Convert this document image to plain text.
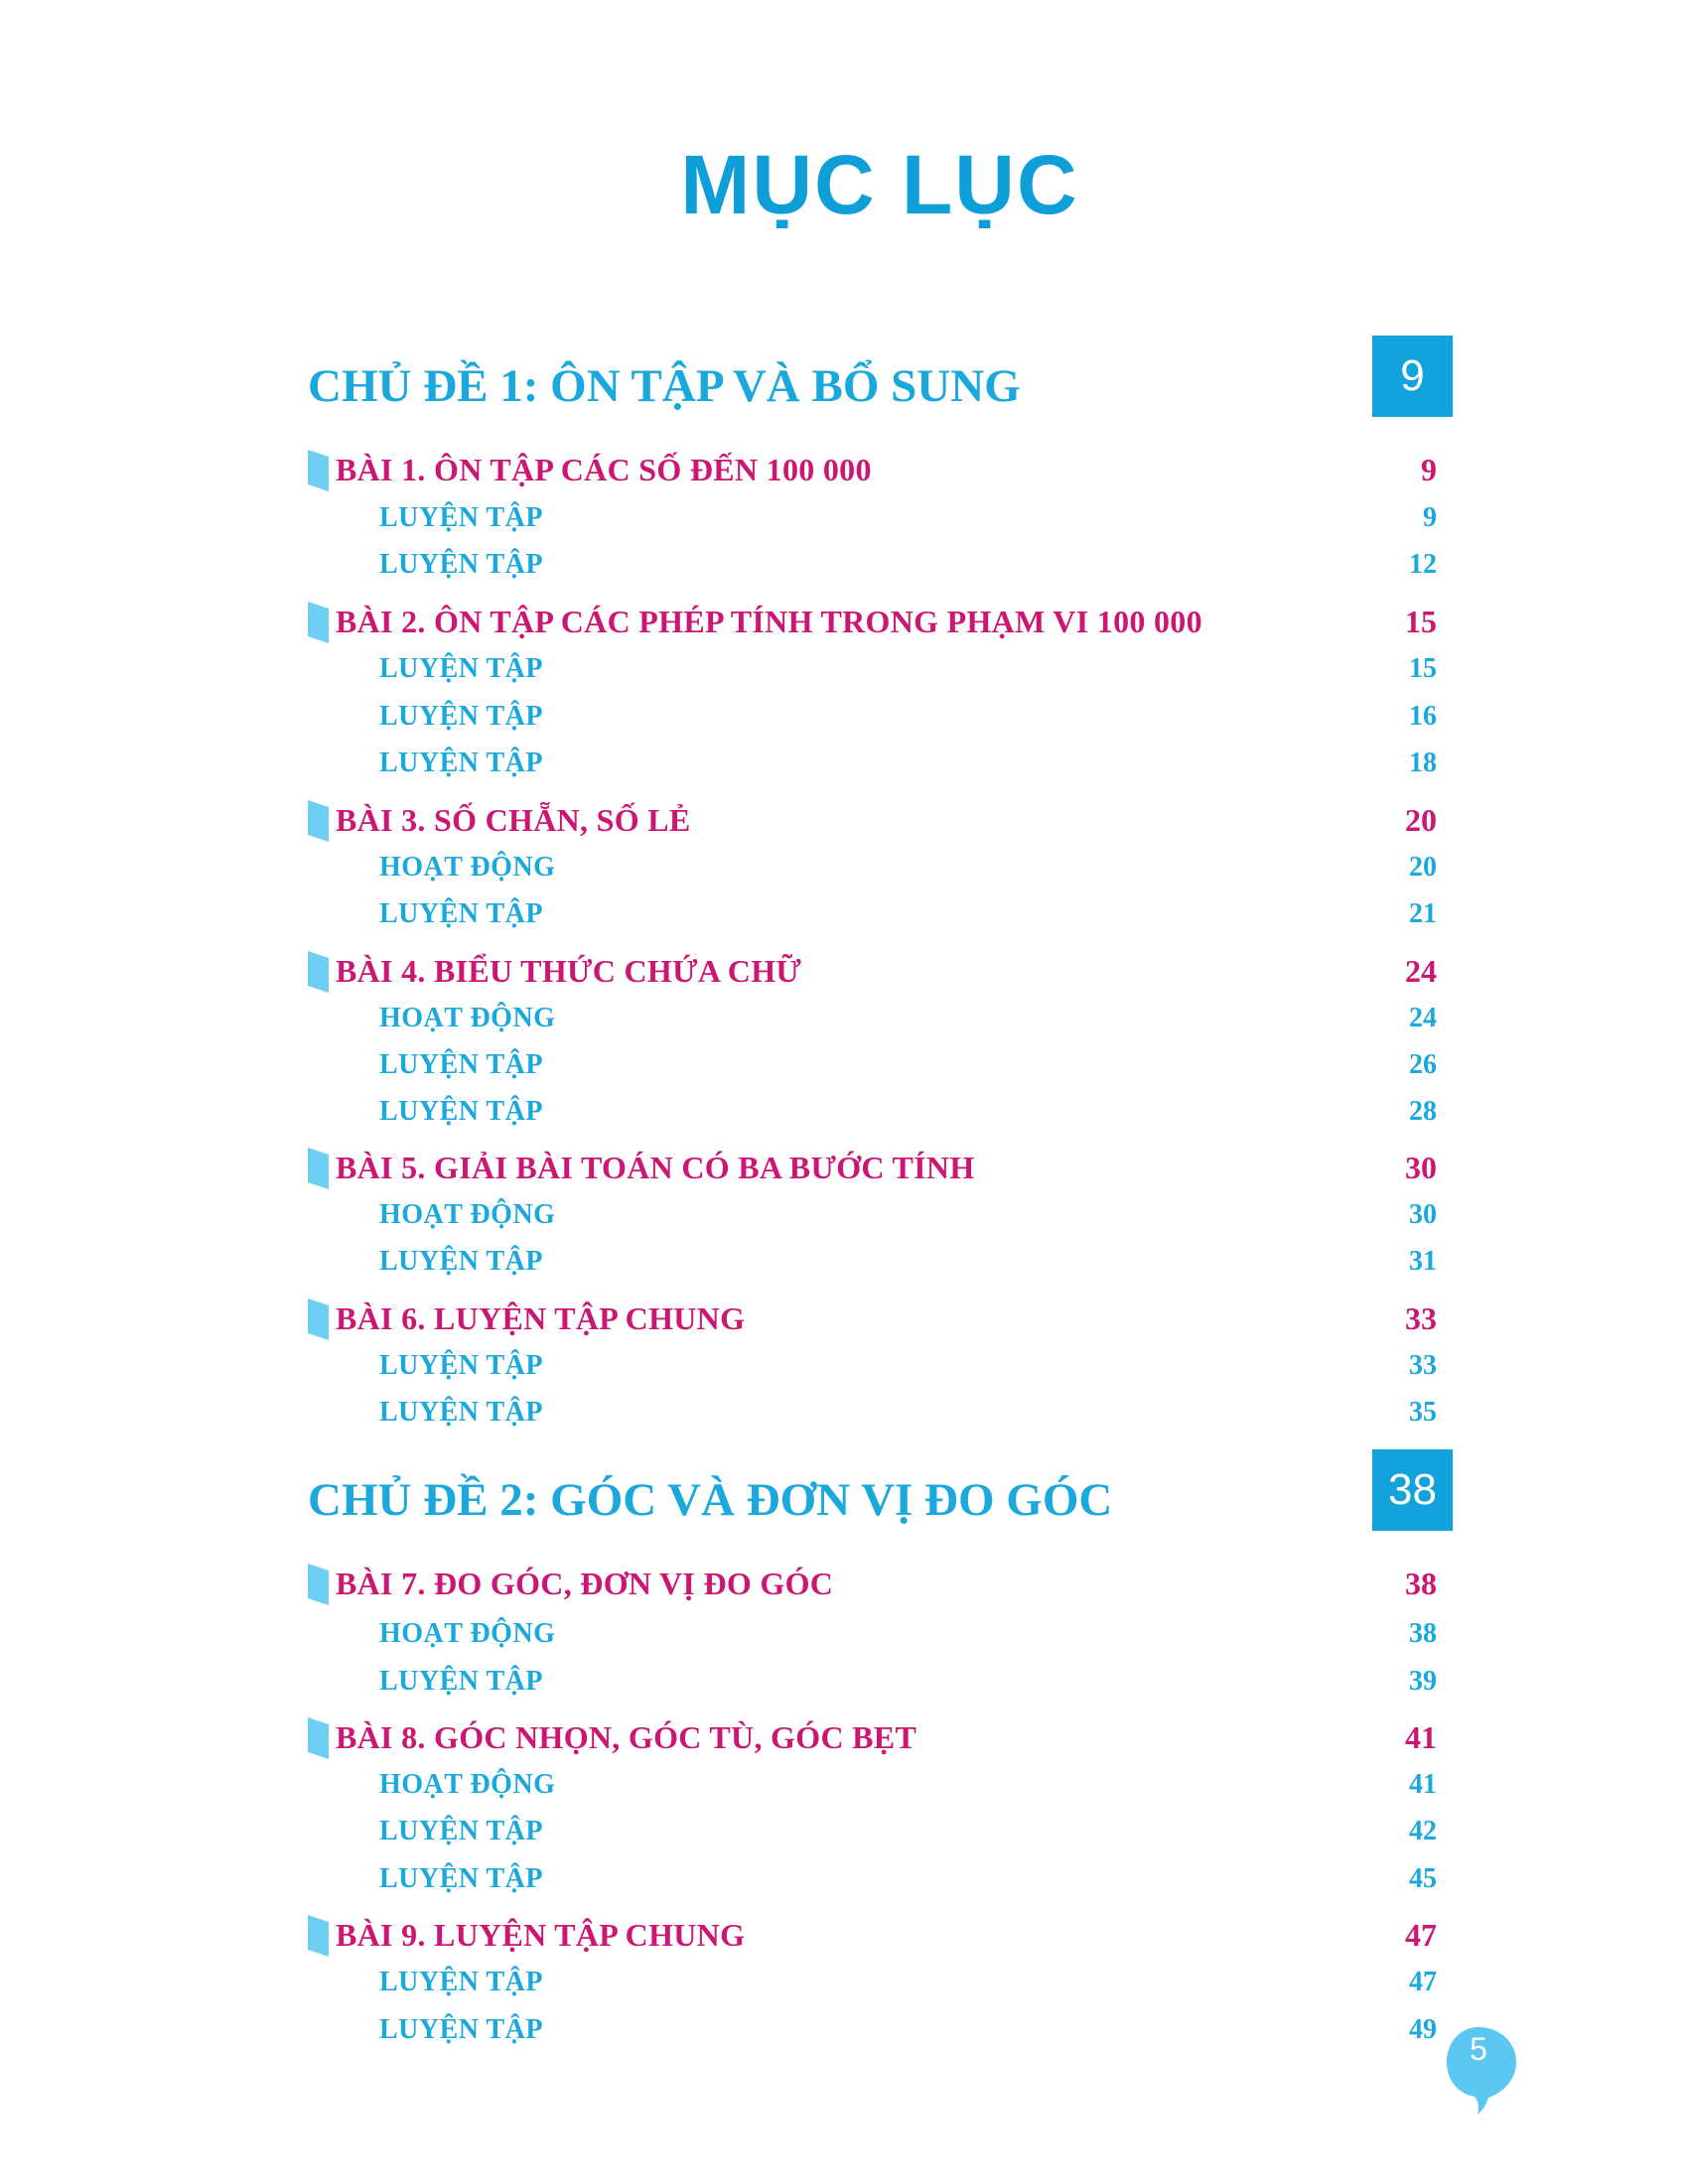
MỤC LỤC
CHỦ ĐỀ 1: ÔN TẬP VÀ BỔ SUNG	9
BÀI 1. ÔN TẬP CÁC SỐ ĐẾN 100 000	9
LUYỆN TẬP	9
LUYỆN TẬP	12
BÀI 2. ÔN TẬP CÁC PHÉP TÍNH TRONG PHẠM VI 100 000	15
LUYỆN TẬP	15
LUYỆN TẬP	16
LUYỆN TẬP	18
BÀI 3. SỐ CHẴN, SỐ LẺ	20
HOẠT ĐỘNG	20
LUYỆN TẬP	21
BÀI 4. BIỂU THỨC CHỨA CHỮ	24
HOẠT ĐỘNG	24
LUYỆN TẬP	26
LUYỆN TẬP	28
BÀI 5. GIẢI BÀI TOÁN CÓ BA BƯỚC TÍNH	30
HOẠT ĐỘNG	30
LUYỆN TẬP	31
BÀI 6. LUYỆN TẬP CHUNG	33
LUYỆN TẬP	33
LUYỆN TẬP	35
CHỦ ĐỀ 2: GÓC VÀ ĐƠN VỊ ĐO GÓC	38
BÀI 7. ĐO GÓC, ĐƠN VỊ ĐO GÓC	38
HOẠT ĐỘNG	38
LUYỆN TẬP	39
BÀI 8. GÓC NHỌN, GÓC TÙ, GÓC BẸT	41
HOẠT ĐỘNG	41
LUYỆN TẬP	42
LUYỆN TẬP	45
BÀI 9. LUYỆN TẬP CHUNG	47
LUYỆN TẬP	47
LUYỆN TẬP	49
5
